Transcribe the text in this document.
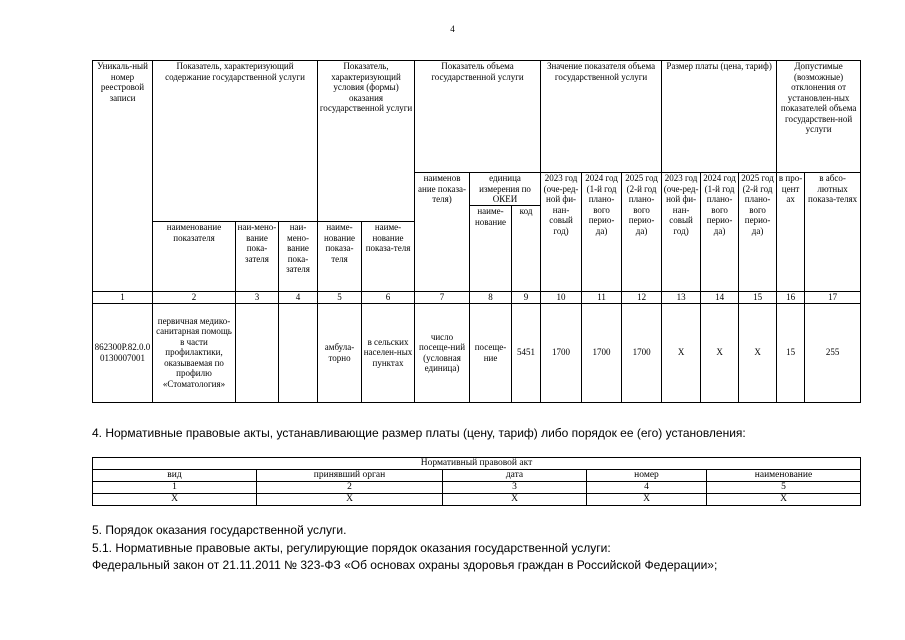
4
Уникаль-ный номер реестровой записи	Показатель, характеризующий содержание государственной услуги			Показатель, характеризующий условия (формы) оказания государственной услуги		Показатель объема государственной услуги			Значение показателя объема государственной услуги			Размер платы (цена, тариф)			Допустимые (возможные) отклонения от установлен-ных показателей объема государствен-ной услуги	
						наименов ание показа-теля)	единица измерения по ОКЕИ		2023 год (оче-ред-ной фи-нан-совый год)	2024 год (1-й год плано-вого перио-да)	2025 год (2-й год плано-вого перио-да)	2023 год (оче-ред-ной фи-нан-совый год)	2024 год (1-й год плано-вого перио-да)	2025 год (2-й год плано-вого перио-да)	в про-цент ах	в абсо-лютных показа-телях
							наиме-нование	код								
	наименование показателя	наи-мено-вание пока-зателя	наи-мено-вание пока-зателя	наиме-нование показа-теля	наиме-нование показа-теля											
1	2	3	4	5	6	7	8	9	10	11	12	13	14	15	16	17
862300Р.82.0.00130007001	первичная медико-санитарная помощь в части профилактики, оказываемая по профилю «Стоматология»			амбула-торно	в сельских населен-ных пунктах	число посеще-ний (условная единица)	посеще-ние	5451	1700	1700	1700	Х	Х	Х	15	255
4. Нормативные правовые акты, устанавливающие размер платы (цену, тариф) либо порядок ее (его) установления:
Нормативный правовой акт				
вид	принявший орган	дата	номер	наименование
1	2	3	4	5
Х	Х	Х	Х	Х
5. Порядок оказания государственной услуги.
5.1. Нормативные правовые акты, регулирующие порядок оказания государственной услуги:
Федеральный закон от 21.11.2011 № 323-ФЗ «Об основах охраны здоровья граждан в Российской Федерации»;
